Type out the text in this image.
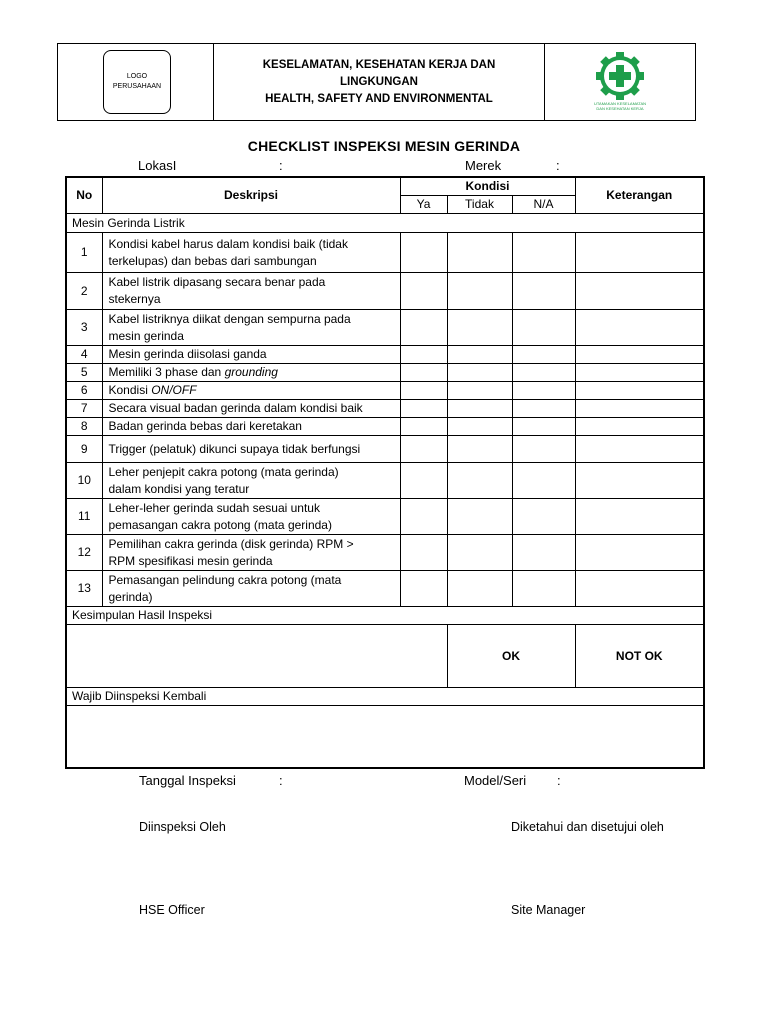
LOGO
PERUSAHAAN
KESELAMATAN, KESEHATAN KERJA DAN
LINGKUNGAN
HEALTH, SAFETY AND ENVIRONMENTAL	UTAMAKAN KESELAMATAN
DAN KESEHATAN KERJA
CHECKLIST INSPEKSI MESIN GERINDA
LokasI	:	Merek	:
No	Deskripsi	Kondisi			Keterangan
		Ya	Tidak	N/A	
Mesin Gerinda Listrik					
1	Kondisi kabel harus dalam kondisi baik (tidak
terkelupas) dan bebas dari sambungan				
2	Kabel listrik dipasang secara benar pada
stekernya				
3	Kabel listriknya diikat dengan sempurna pada
mesin gerinda				
4	Mesin gerinda diisolasi ganda				
5	Memiliki 3 phase dan grounding				
6	Kondisi ON/OFF				
7	Secara visual badan gerinda dalam kondisi baik				
8	Badan gerinda bebas dari keretakan				
9	Trigger (pelatuk) dikunci supaya tidak berfungsi				
10	Leher penjepit cakra potong (mata gerinda)
dalam kondisi yang teratur				
11	Leher-leher gerinda sudah sesuai untuk
pemasangan cakra potong (mata gerinda)				
12	Pemilihan cakra gerinda (disk gerinda) RPM >
RPM spesifikasi mesin gerinda				
13	Pemasangan pelindung cakra potong (mata
gerinda)				
Kesimpulan Hasil Inspeksi					
			OK		NOT OK
Wajib Diinspeksi Kembali					

Tanggal Inspeksi	:	Model/Seri :
Diinspeksi Oleh	Diketahui dan disetujui oleh
HSE Officer	Site Manager
